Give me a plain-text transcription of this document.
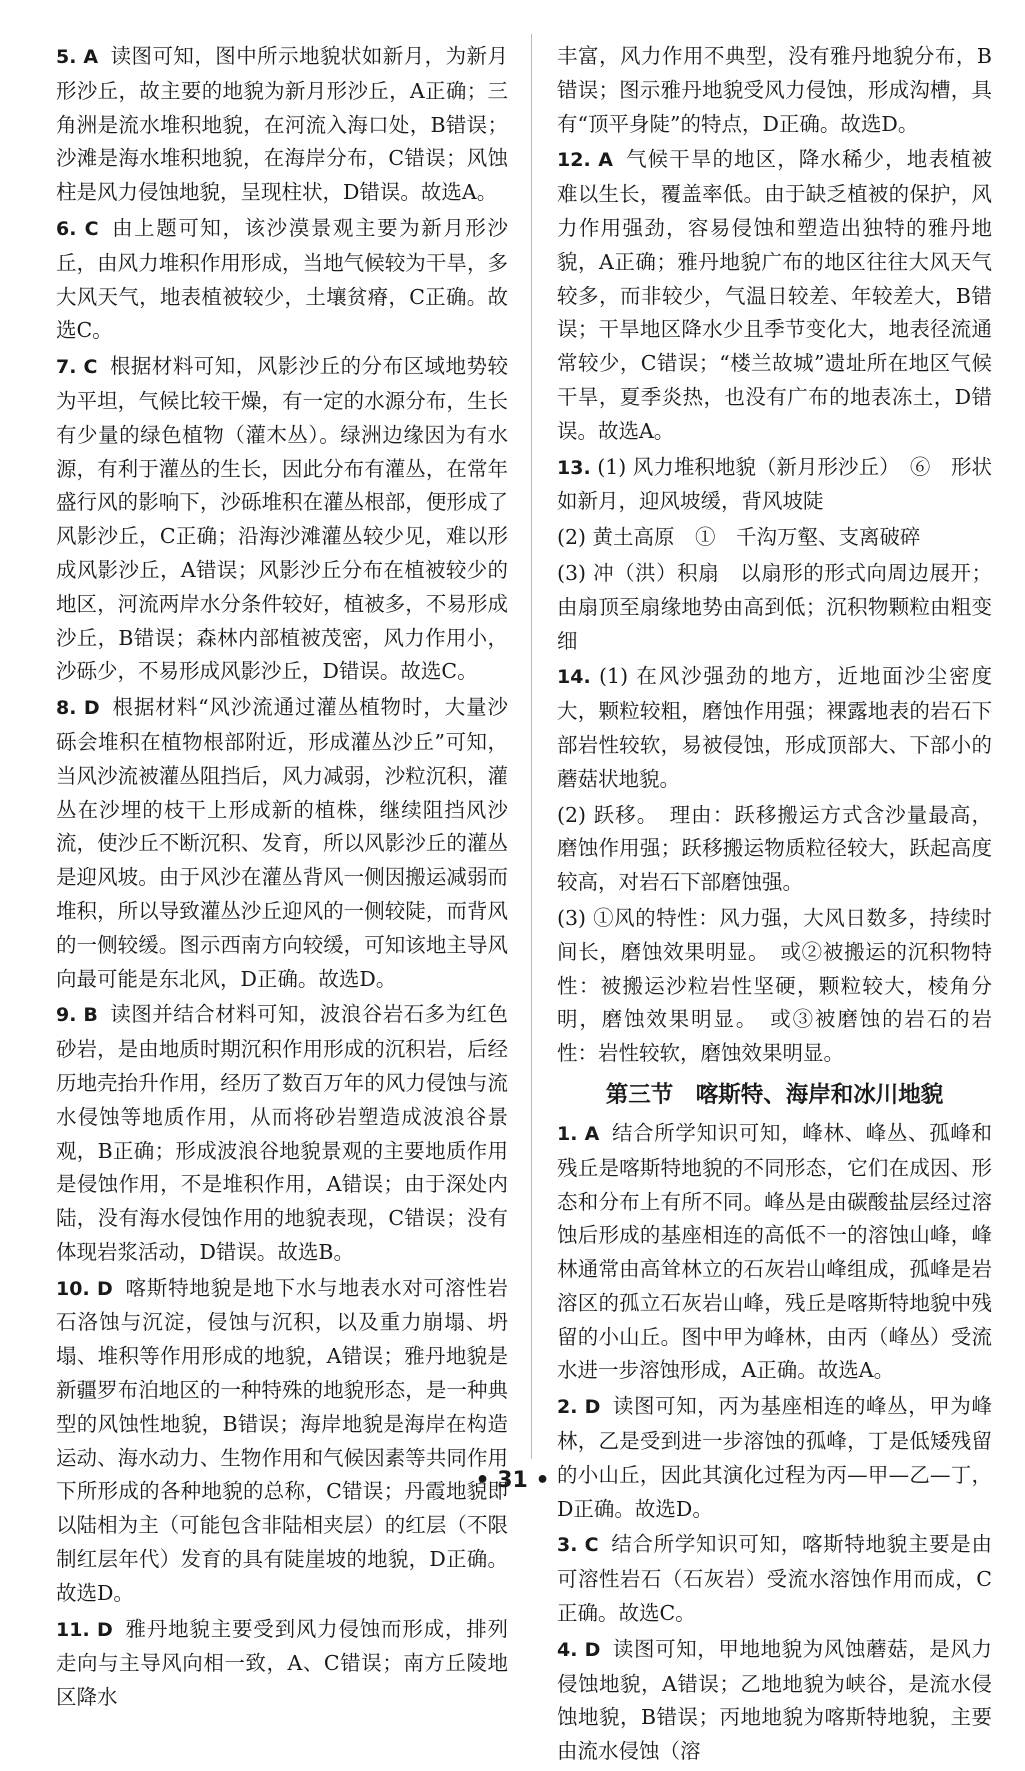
5. A 读图可知，图中所示地貌状如新月，为新月形沙丘，故主要的地貌为新月形沙丘，A正确；三角洲是流水堆积地貌，在河流入海口处，B错误；沙滩是海水堆积地貌，在海岸分布，C错误；风蚀柱是风力侵蚀地貌，呈现柱状，D错误。故选A。

6. C 由上题可知，该沙漠景观主要为新月形沙丘，由风力堆积作用形成，当地气候较为干旱，多大风天气，地表植被较少，土壤贫瘠，C正确。故选C。

7. C 根据材料可知，风影沙丘的分布区域地势较为平坦，气候比较干燥，有一定的水源分布，生长有少量的绿色植物（灌木丛）。绿洲边缘因为有水源，有利于灌丛的生长，因此分布有灌丛，在常年盛行风的影响下，沙砾堆积在灌丛根部，便形成了风影沙丘，C正确；沿海沙滩灌丛较少见，难以形成风影沙丘，A错误；风影沙丘分布在植被较少的地区，河流两岸水分条件较好，植被多，不易形成沙丘，B错误；森林内部植被茂密，风力作用小，沙砾少，不易形成风影沙丘，D错误。故选C。

8. D 根据材料“风沙流通过灌丛植物时，大量沙砾会堆积在植物根部附近，形成灌丛沙丘”可知，当风沙流被灌丛阻挡后，风力减弱，沙粒沉积，灌丛在沙埋的枝干上形成新的植株，继续阻挡风沙流，使沙丘不断沉积、发育，所以风影沙丘的灌丛是迎风坡。由于风沙在灌丛背风一侧因搬运减弱而堆积，所以导致灌丛沙丘迎风的一侧较陡，而背风的一侧较缓。图示西南方向较缓，可知该地主导风向最可能是东北风，D正确。故选D。

9. B 读图并结合材料可知，波浪谷岩石多为红色砂岩，是由地质时期沉积作用形成的沉积岩，后经历地壳抬升作用，经历了数百万年的风力侵蚀与流水侵蚀等地质作用，从而将砂岩塑造成波浪谷景观，B正确；形成波浪谷地貌景观的主要地质作用是侵蚀作用，不是堆积作用，A错误；由于深处内陆，没有海水侵蚀作用的地貌表现，C错误；没有体现岩浆活动，D错误。故选B。

10. D 喀斯特地貌是地下水与地表水对可溶性岩石洛蚀与沉淀，侵蚀与沉积，以及重力崩塌、坍塌、堆积等作用形成的地貌，A错误；雅丹地貌是新疆罗布泊地区的一种特殊的地貌形态，是一种典型的风蚀性地貌，B错误；海岸地貌是海岸在构造运动、海水动力、生物作用和气候因素等共同作用下所形成的各种地貌的总称，C错误；丹霞地貌即以陆相为主（可能包含非陆相夹层）的红层（不限制红层年代）发育的具有陡崖坡的地貌，D正确。故选D。

11. D 雅丹地貌主要受到风力侵蚀而形成，排列走向与主导风向相一致，A、C错误；南方丘陵地区降水

丰富，风力作用不典型，没有雅丹地貌分布，B错误；图示雅丹地貌受风力侵蚀，形成沟槽，具有“顶平身陡”的特点，D正确。故选D。

12. A 气候干旱的地区，降水稀少，地表植被难以生长，覆盖率低。由于缺乏植被的保护，风力作用强劲，容易侵蚀和塑造出独特的雅丹地貌，A正确；雅丹地貌广布的地区往往大风天气较多，而非较少，气温日较差、年较差大，B错误；干旱地区降水少且季节变化大，地表径流通常较少，C错误；“楼兰故城”遗址所在地区气候干旱，夏季炎热，也没有广布的地表冻土，D错误。故选A。

13. (1) 风力堆积地貌（新月形沙丘）　⑥　形状如新月，迎风坡缓，背风坡陡

(2) 黄土高原　①　千沟万壑、支离破碎

(3) 冲（洪）积扇　以扇形的形式向周边展开；由扇顶至扇缘地势由高到低；沉积物颗粒由粗变细

14. (1) 在风沙强劲的地方，近地面沙尘密度大，颗粒较粗，磨蚀作用强；裸露地表的岩石下部岩性较软，易被侵蚀，形成顶部大、下部小的蘑菇状地貌。

(2) 跃移。　理由：跃移搬运方式含沙量最高，磨蚀作用强；跃移搬运物质粒径较大，跃起高度较高，对岩石下部磨蚀强。

(3) ①风的特性：风力强，大风日数多，持续时间长，磨蚀效果明显。　或②被搬运的沉积物特性：被搬运沙粒岩性坚硬，颗粒较大，棱角分明，磨蚀效果明显。　或③被磨蚀的岩石的岩性：岩性较软，磨蚀效果明显。

第三节　喀斯特、海岸和冰川地貌

1. A 结合所学知识可知，峰林、峰丛、孤峰和残丘是喀斯特地貌的不同形态，它们在成因、形态和分布上有所不同。峰丛是由碳酸盐层经过溶蚀后形成的基座相连的高低不一的溶蚀山峰，峰林通常由高耸林立的石灰岩山峰组成，孤峰是岩溶区的孤立石灰岩山峰，残丘是喀斯特地貌中残留的小山丘。图中甲为峰林，由丙（峰丛）受流水进一步溶蚀形成，A正确。故选A。

2. D 读图可知，丙为基座相连的峰丛，甲为峰林，乙是受到进一步溶蚀的孤峰，丁是低矮残留的小山丘，因此其演化过程为丙—甲—乙—丁，D正确。故选D。

3. C 结合所学知识可知，喀斯特地貌主要是由可溶性岩石（石灰岩）受流水溶蚀作用而成，C正确。故选C。

4. D 读图可知，甲地地貌为风蚀蘑菇，是风力侵蚀地貌，A错误；乙地地貌为峡谷，是流水侵蚀地貌，B错误；丙地地貌为喀斯特地貌，主要由流水侵蚀（溶

• 31 •
